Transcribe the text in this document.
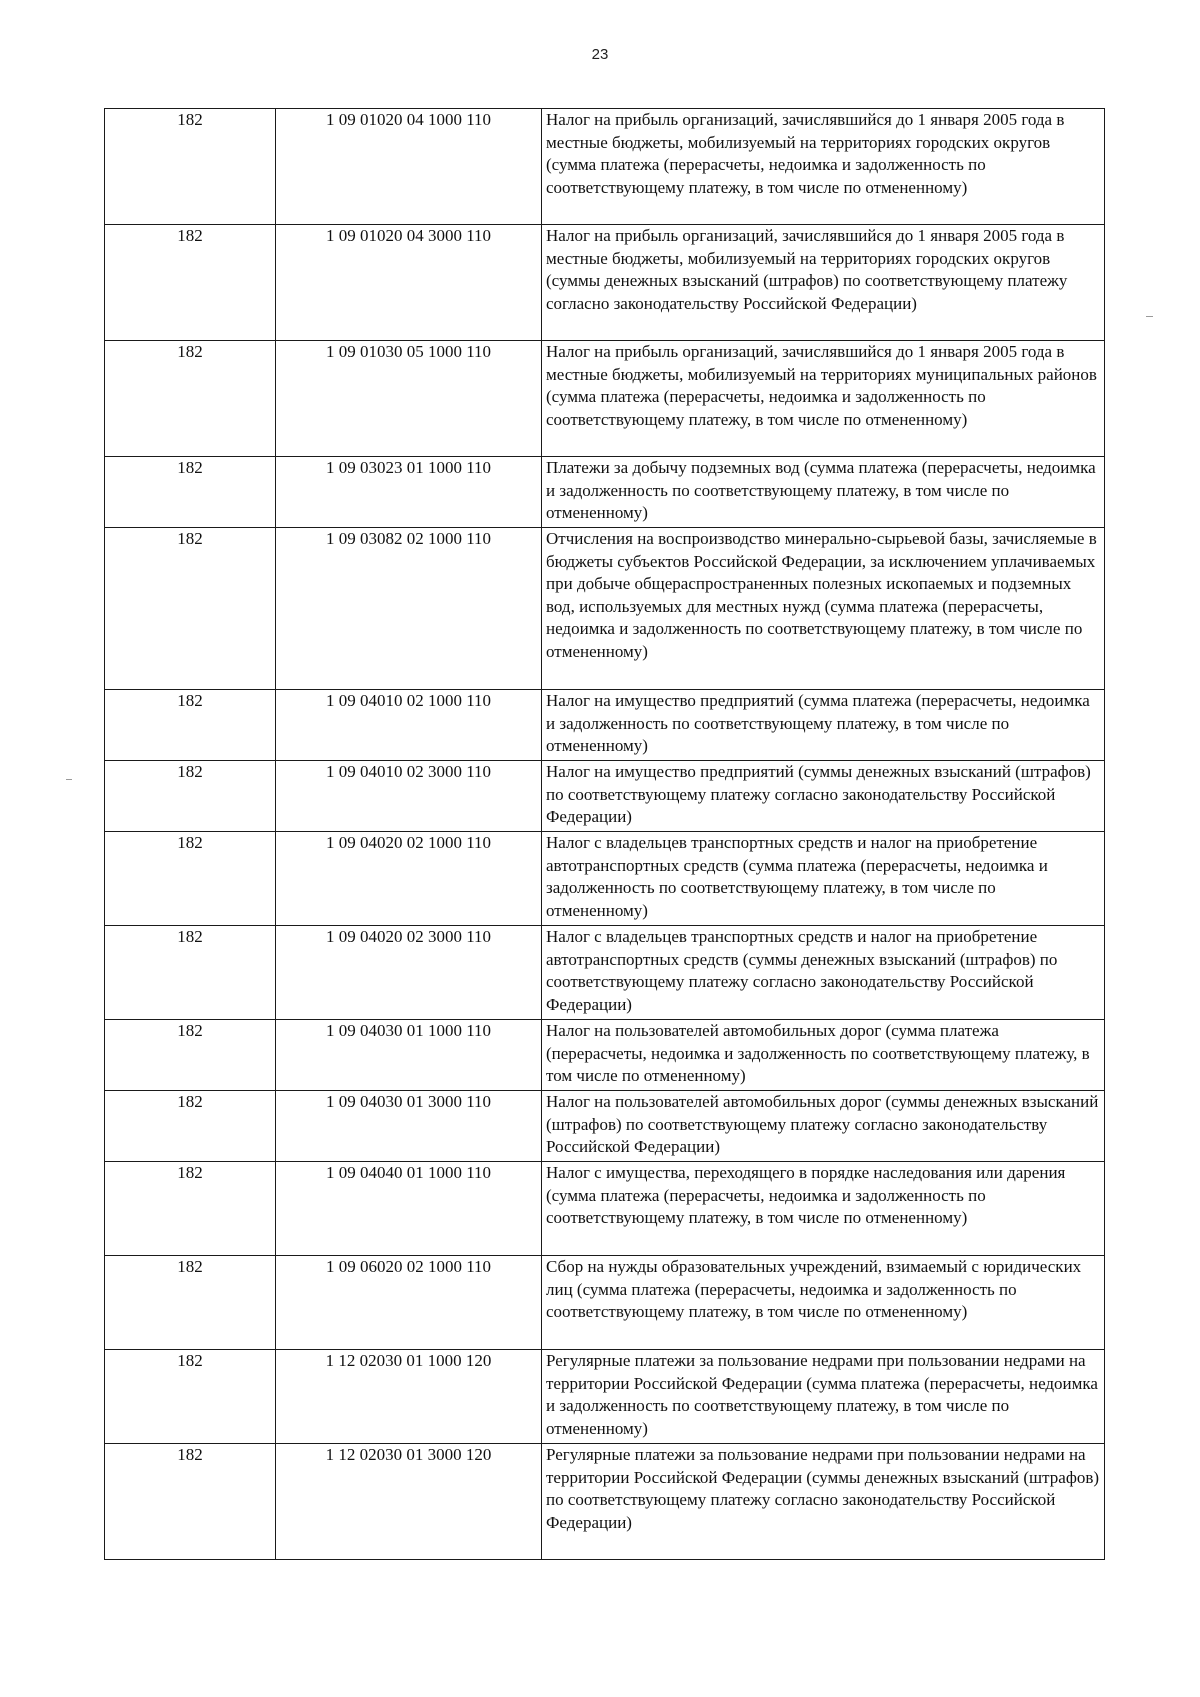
23
182	1 09 01020 04 1000 110	Налог на прибыль организаций, зачислявшийся до 1 января 2005 года в местные бюджеты, мобилизуемый на территориях городских округов (сумма платежа (перерасчеты, недоимка и задолженность по соответствующему платежу, в том числе по отмененному)
182	1 09 01020 04 3000 110	Налог на прибыль организаций, зачислявшийся до 1 января 2005 года в местные бюджеты, мобилизуемый на территориях городских округов (суммы денежных взысканий (штрафов) по соответствующему платежу согласно законодательству Российской Федерации)
182	1 09 01030 05 1000 110	Налог на прибыль организаций, зачислявшийся до 1 января 2005 года в местные бюджеты, мобилизуемый на территориях муниципальных районов (сумма платежа (перерасчеты, недоимка и задолженность по соответствующему платежу, в том числе по отмененному)
182	1 09 03023 01 1000 110	Платежи за добычу подземных вод (сумма платежа (перерасчеты, недоимка и задолженность по соответствующему платежу, в том числе по отмененному)
182	1 09 03082 02 1000 110	Отчисления на воспроизводство минерально-сырьевой базы, зачисляемые в бюджеты субъектов Российской Федерации, за исключением уплачиваемых при добыче общераспространенных полезных ископаемых и подземных вод, используемых для местных нужд (сумма платежа (перерасчеты, недоимка и задолженность по соответствующему платежу, в том числе по отмененному)
182	1 09 04010 02 1000 110	Налог на имущество предприятий (сумма платежа (перерасчеты, недоимка и задолженность по соответствующему платежу, в том числе по отмененному)
182	1 09 04010 02 3000 110	Налог на имущество предприятий (суммы денежных взысканий (штрафов) по соответствующему платежу согласно законодательству Российской Федерации)
182	1 09 04020 02 1000 110	Налог с владельцев транспортных средств и налог на приобретение автотранспортных средств (сумма платежа (перерасчеты, недоимка и задолженность по соответствующему платежу, в том числе по отмененному)
182	1 09 04020 02 3000 110	Налог с владельцев транспортных средств и налог на приобретение автотранспортных средств (суммы денежных взысканий (штрафов) по соответствующему платежу согласно законодательству Российской Федерации)
182	1 09 04030 01 1000 110	Налог на пользователей автомобильных дорог (сумма платежа (перерасчеты, недоимка и задолженность по соответствующему платежу, в том числе по отмененному)
182	1 09 04030 01 3000 110	Налог на пользователей автомобильных дорог (суммы денежных взысканий (штрафов) по соответствующему платежу согласно законодательству Российской Федерации)
182	1 09 04040 01 1000 110	Налог с имущества, переходящего в порядке наследования или дарения (сумма платежа (перерасчеты, недоимка и задолженность по соответствующему платежу, в том числе по отмененному)
182	1 09 06020 02 1000 110	Сбор на нужды образовательных учреждений, взимаемый с юридических лиц (сумма платежа (перерасчеты, недоимка и задолженность по соответствующему платежу, в том числе по отмененному)
182	1 12 02030 01 1000 120	Регулярные платежи за пользование недрами при пользовании недрами на территории Российской Федерации (сумма платежа (перерасчеты, недоимка и задолженность по соответствующему платежу, в том числе по отмененному)
182	1 12 02030 01 3000 120	Регулярные платежи за пользование недрами при пользовании недрами на территории Российской Федерации (суммы денежных взысканий (штрафов) по соответствующему платежу согласно законодательству Российской Федерации)
